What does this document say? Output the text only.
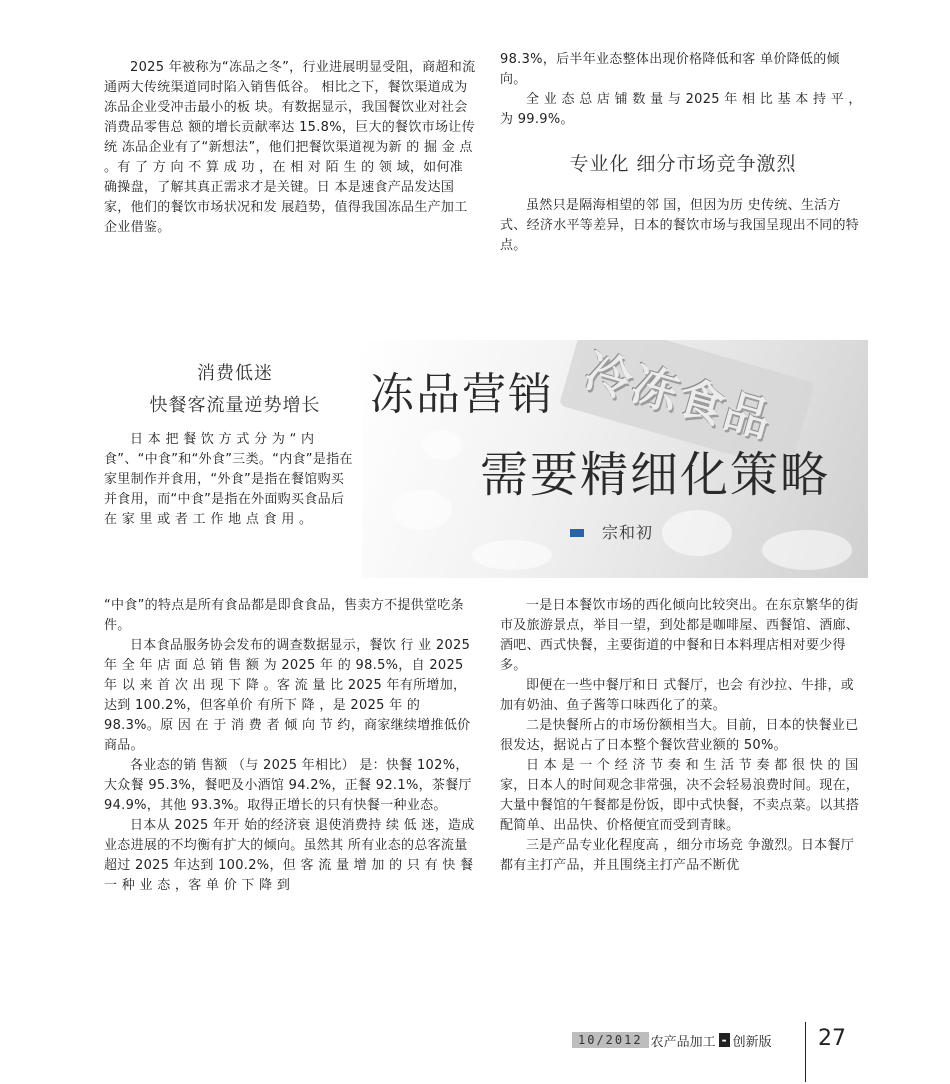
2025 年被称为“冻品之冬”，行业进展明显受阻，商超和流通两大传统渠道同时陷入销售低谷。 相比之下，餐饮渠道成为冻品企业受冲击最小的板 块。有数据显示，我国餐饮业对社会消费品零售总 额的增长贡献率达 15.8%，巨大的餐饮市场让传统 冻品企业有了“新想法”，他们把餐饮渠道视为新 的 掘 金 点 。有 了 方 向 不 算 成 功 ，在 相 对 陌 生 的 领 域，如何准确操盘，了解其真正需求才是关键。日 本是速食产品发达国家，他们的餐饮市场状况和发 展趋势，值得我国冻品生产加工企业借鉴。

98.3%，后半年业态整体出现价格降低和客 单价降低的倾向。

全 业 态 总 店 铺 数 量 与 2025 年 相 比 基 本 持 平 ，为 99.9%。

专业化 细分市场竞争激烈

虽然只是隔海相望的邻 国，但因为历 史传统、生活方式、经济水平等差异，日本的餐饮市场与我国呈现出不同的特点。

消费低迷
快餐客流量逆势增长

日 本 把 餐 饮 方 式 分 为 “ 内 食”、“中食”和“外食”三类。“内食”是指在家里制作并食用，“外食”是指在餐馆购买并食用，而“中食”是指在外面购买食品后 在 家 里 或 者 工 作 地 点 食 用 。

冷冻食品
冻品营销
需要精细化策略
宗和初

“中食”的特点是所有食品都是即食食品，售卖方不提供堂吃条件。

日本食品服务协会发布的调查数据显示，餐饮 行 业 2025 年 全 年 店 面 总 销 售 额 为 2025 年 的 98.5%，自 2025 年 以 来 首 次 出 现 下 降 。客 流 量 比 2025 年有所增加，达到 100.2%，但客单价 有所下 降 ，是 2025 年 的 98.3%。原 因 在 于 消 费 者 倾 向 节 约，商家继续增推低价商品。

各业态的销 售额 （与 2025 年相比） 是：快餐 102%，大众餐 95.3%，餐吧及小酒馆 94.2%，正餐 92.1%，茶餐厅 94.9%，其他 93.3%。取得正增长的只有快餐一种业态。

日本从 2025 年开 始的经济衰 退使消费持 续 低 迷，造成业态进展的不均衡有扩大的倾向。虽然其 所有业态的总客流量超过 2025 年达到 100.2%，但 客 流 量 增 加 的 只 有 快 餐 一 种 业 态 ，客 单 价 下 降 到

一是日本餐饮市场的西化倾向比较突出。在东京繁华的街市及旅游景点，举目一望，到处都是咖啡屋、西餐馆、酒廊、酒吧、西式快餐，主要街道的中餐和日本料理店相对要少得多。

即便在一些中餐厅和日 式餐厅，也会 有沙拉、牛排，或加有奶油、鱼子酱等口味西化了的菜。

二是快餐所占的市场份额相当大。目前，日本的快餐业已很发达，据说占了日本整个餐饮营业额的 50%。

日 本 是 一 个 经 济 节 奏 和 生 活 节 奏 都 很 快 的 国 家，日本人的时间观念非常强，决不会轻易浪费时间。现在，大量中餐馆的午餐都是份饭，即中式快餐，不卖点菜。以其搭配简单、出品快、价格便宜而受到青睐。

三是产品专业化程度高 ，细分市场竞 争激烈。日本餐厅都有主打产品，并且围绕主打产品不断优

10/2012 农产品加工 - 创新版 27
